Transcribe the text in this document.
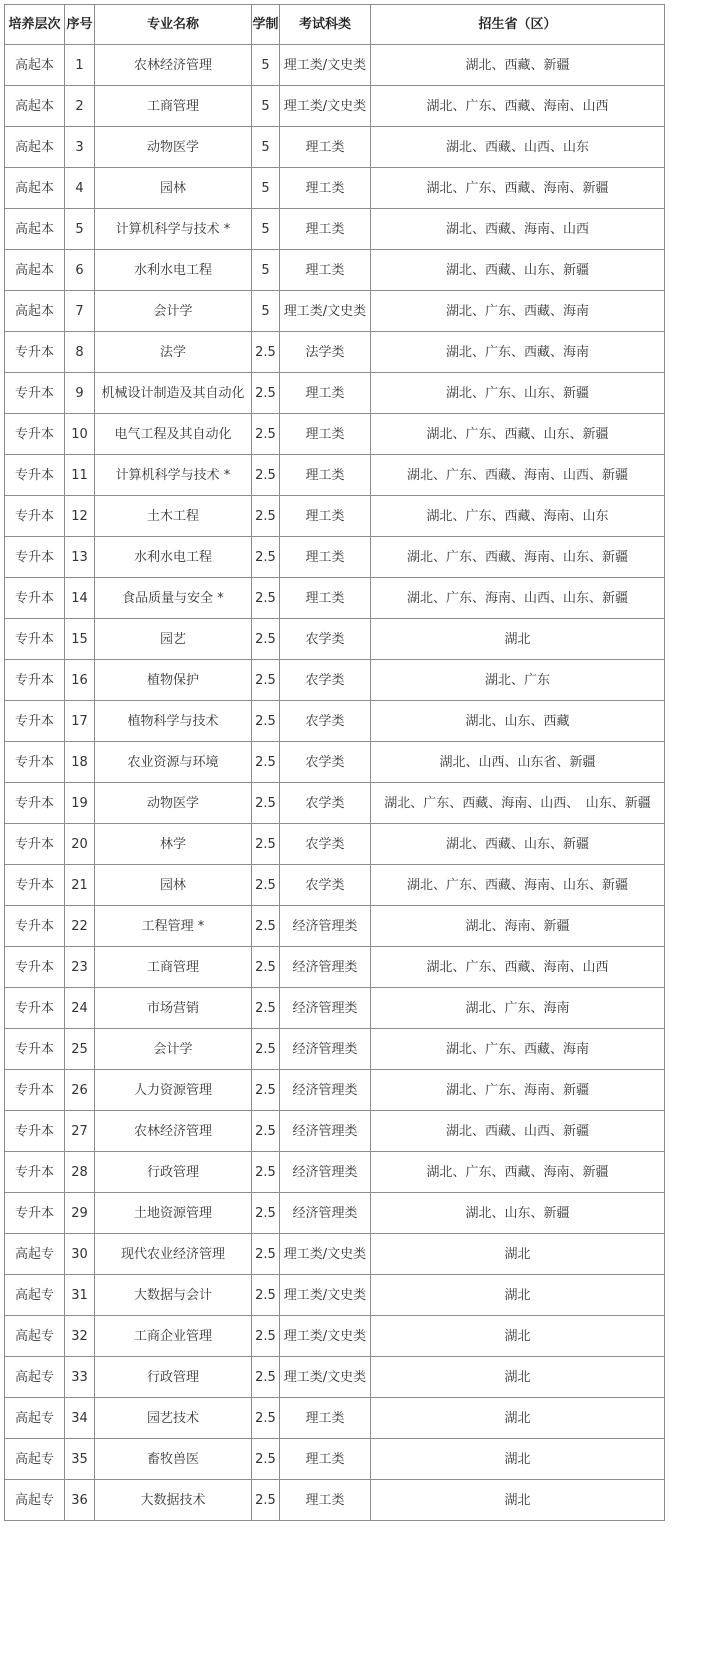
培养层次	序号	专业名称	学制	考试科类	招生省（区）
高起本	1	农林经济管理	5	理工类/文史类	湖北、西藏、新疆
高起本	2	工商管理	5	理工类/文史类	湖北、广东、西藏、海南、山西
高起本	3	动物医学	5	理工类	湖北、西藏、山西、山东
高起本	4	园林	5	理工类	湖北、广东、西藏、海南、新疆
高起本	5	计算机科学与技术 *	5	理工类	湖北、西藏、海南、山西
高起本	6	水利水电工程	5	理工类	湖北、西藏、山东、新疆
高起本	7	会计学	5	理工类/文史类	湖北、广东、西藏、海南
专升本	8	法学	2.5	法学类	湖北、广东、西藏、海南
专升本	9	机械设计制造及其自动化	2.5	理工类	湖北、广东、山东、新疆
专升本	10	电气工程及其自动化	2.5	理工类	湖北、广东、西藏、山东、新疆
专升本	11	计算机科学与技术 *	2.5	理工类	湖北、广东、西藏、海南、山西、新疆
专升本	12	土木工程	2.5	理工类	湖北、广东、西藏、海南、山东
专升本	13	水利水电工程	2.5	理工类	湖北、广东、西藏、海南、山东、新疆
专升本	14	食品质量与安全 *	2.5	理工类	湖北、广东、海南、山西、山东、新疆
专升本	15	园艺	2.5	农学类	湖北
专升本	16	植物保护	2.5	农学类	湖北、广东
专升本	17	植物科学与技术	2.5	农学类	湖北、山东、西藏
专升本	18	农业资源与环境	2.5	农学类	湖北、山西、山东省、新疆
专升本	19	动物医学	2.5	农学类	湖北、广东、西藏、海南、山西、　山东、新疆
专升本	20	林学	2.5	农学类	湖北、西藏、山东、新疆
专升本	21	园林	2.5	农学类	湖北、广东、西藏、海南、山东、新疆
专升本	22	工程管理 *	2.5	经济管理类	湖北、海南、新疆
专升本	23	工商管理	2.5	经济管理类	湖北、广东、西藏、海南、山西
专升本	24	市场营销	2.5	经济管理类	湖北、广东、海南
专升本	25	会计学	2.5	经济管理类	湖北、广东、西藏、海南
专升本	26	人力资源管理	2.5	经济管理类	湖北、广东、海南、新疆
专升本	27	农林经济管理	2.5	经济管理类	湖北、西藏、山西、新疆
专升本	28	行政管理	2.5	经济管理类	湖北、广东、西藏、海南、新疆
专升本	29	土地资源管理	2.5	经济管理类	湖北、山东、新疆
高起专	30	现代农业经济管理	2.5	理工类/文史类	湖北
高起专	31	大数据与会计	2.5	理工类/文史类	湖北
高起专	32	工商企业管理	2.5	理工类/文史类	湖北
高起专	33	行政管理	2.5	理工类/文史类	湖北
高起专	34	园艺技术	2.5	理工类	湖北
高起专	35	畜牧兽医	2.5	理工类	湖北
高起专	36	大数据技术	2.5	理工类	湖北
